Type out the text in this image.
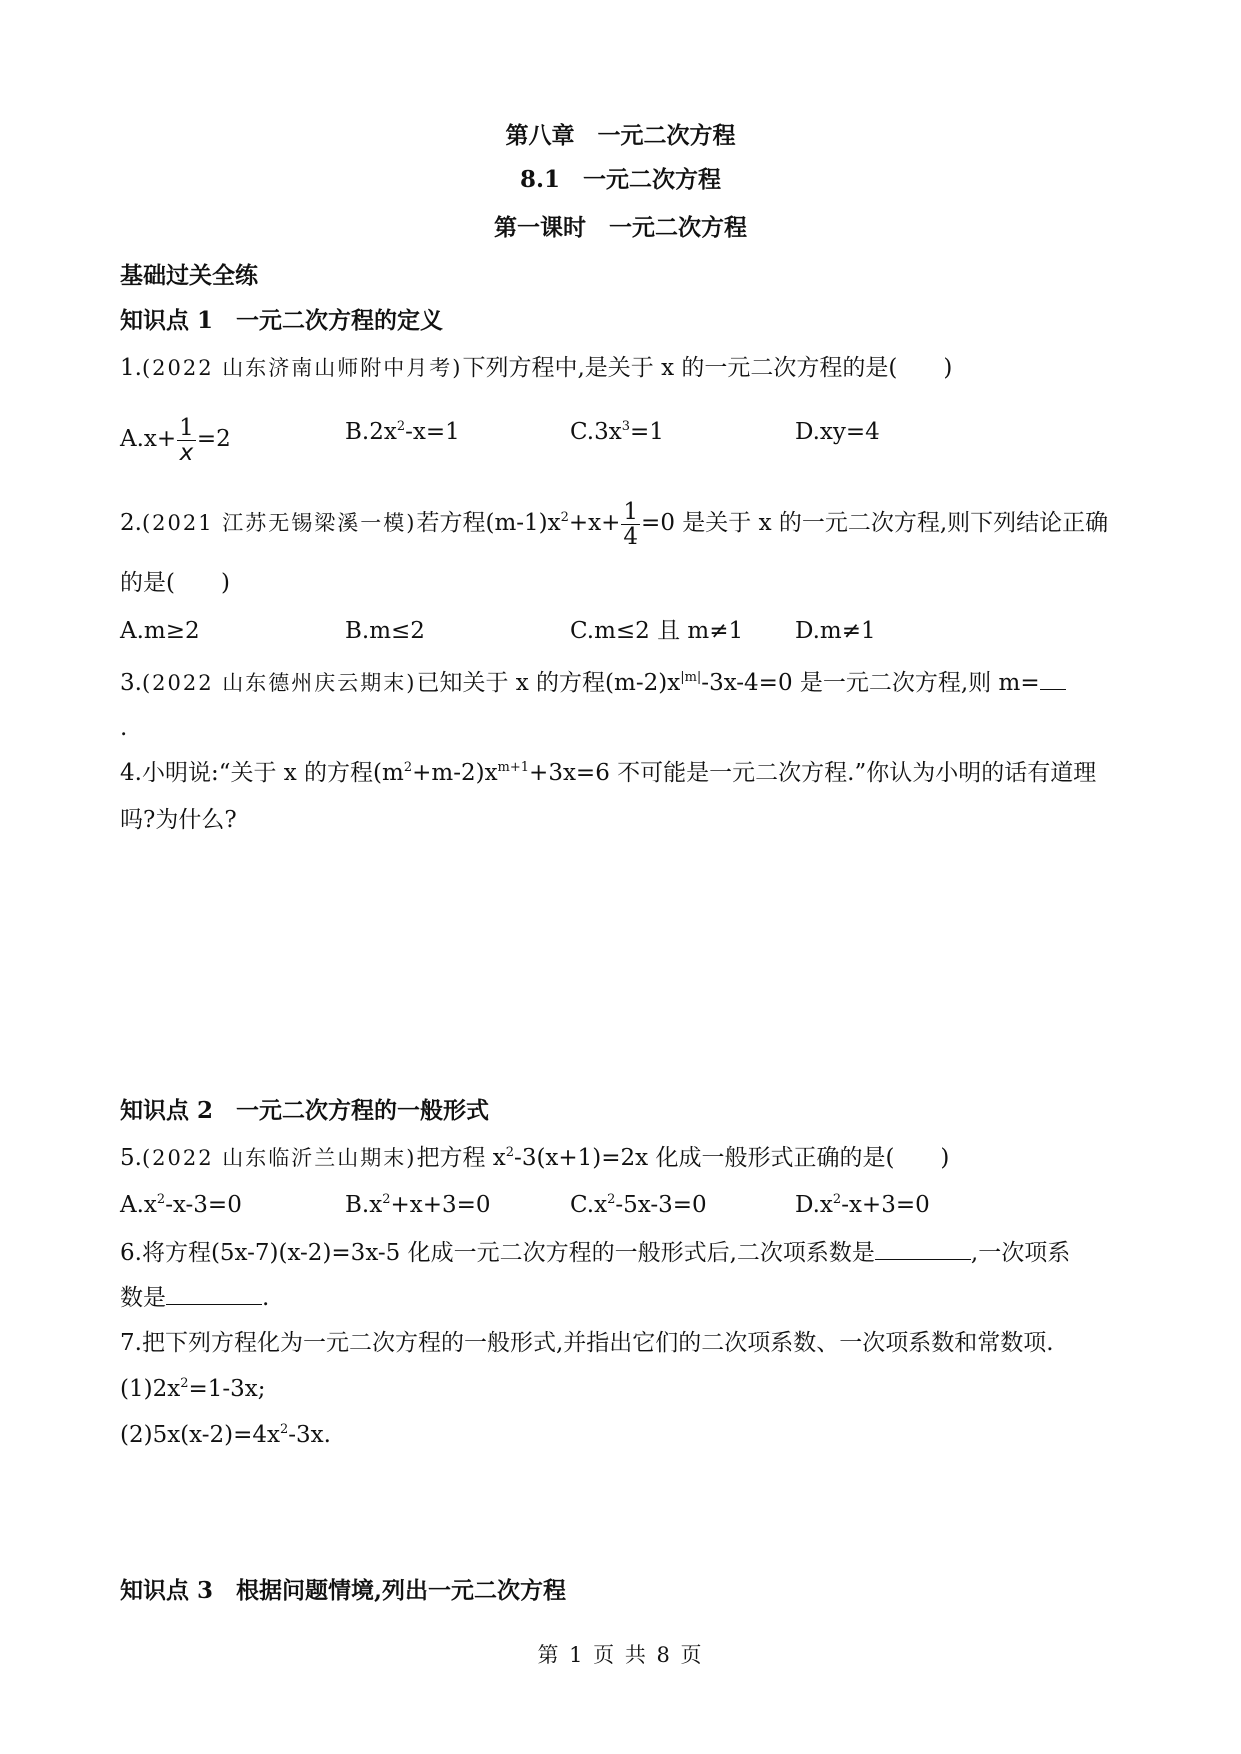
第八章　一元二次方程
8.1　一元二次方程
第一课时　一元二次方程
基础过关全练
知识点 1　一元二次方程的定义
1.(2022 山东济南山师附中月考)下列方程中,是关于 x 的一元二次方程的是(　　)
$A.x+ \frac{1}{x} =2$	$B.2x^2-x=1$	$C.3x^3=1$	D.xy=4
2.(2021 江苏无锡梁溪一模)若方程$(m-1)x^2+x+ \frac{1}{4} =0$ 是关于 x 的一元二次方程,则下列结论正确
的是(　　)
A.m≥2	B.m≤2	C.m≤2 且 m≠1 D.m≠1
3.(2022 山东德州庆云期末)已知关于 x 的方程$(m-2)x^{|m|}-3x-4=0$ 是一元二次方程,则 m=
.
4.小明说:“关于 x 的方程$(m^2+m-2)x^{m+1}+3x=6$ 不可能是一元二次方程.”你认为小明的话有道理
吗?为什么?
知识点 2　一元二次方程的一般形式
5.(2022 山东临沂兰山期末)把方程 $x^2-3(x+1)=2x$ 化成一般形式正确的是(　　)
$A.x^2-x-3=0$	$B.x^2+x+3=0$	$C.x^2-5x-3=0$	$D.x^2-x+3=0$
6.将方程(5x-7)(x-2)=3x-5 化成一元二次方程的一般形式后,二次项系数是	,一次项系
数是	.
7.把下列方程化为一元二次方程的一般形式,并指出它们的二次项系数、一次项系数和常数项.
$(1)2x^2=1-3x$;
$(2)5x(x-2)=4x^2-3x$.
知识点 3　根据问题情境,列出一元二次方程
第 1 页 共 8 页
